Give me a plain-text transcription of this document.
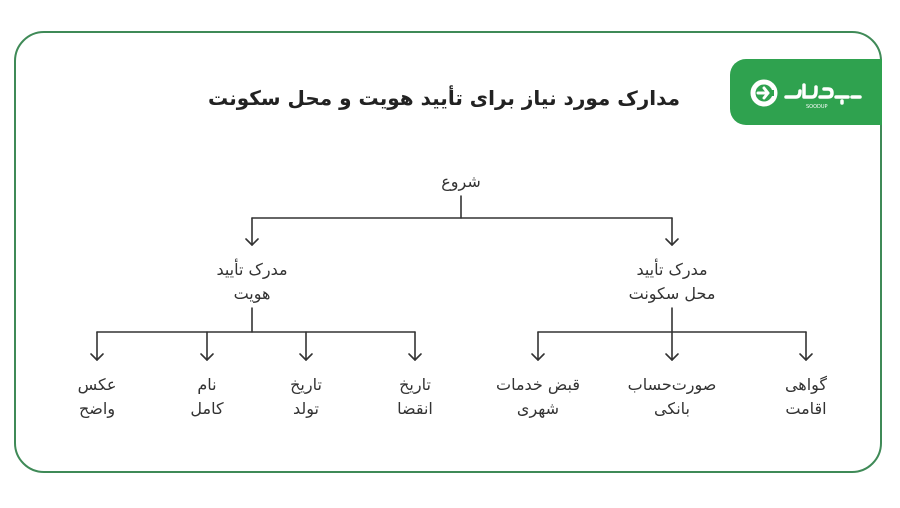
SOODUP
مدارک مورد نیاز برای تأیید هویت و محل سکونت
شروع
مدرک تأیید
هویت
مدرک تأیید
محل سکونت
عکس
واضح
نام
کامل
تاریخ
تولد
تاریخ
انقضا
قبض خدمات
شهری
صورت‌حساب
بانکی
گواهی
اقامت
